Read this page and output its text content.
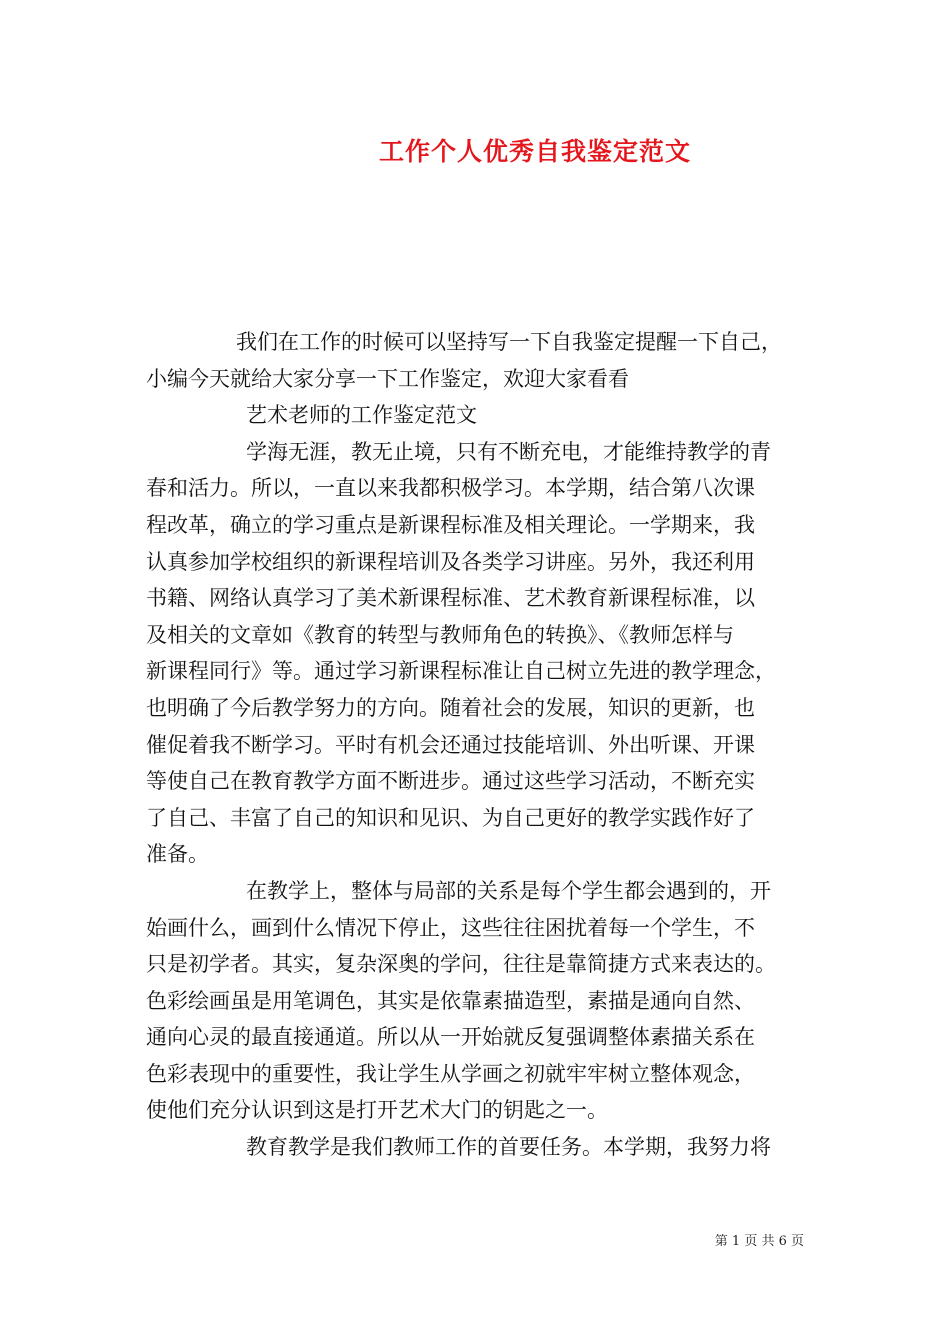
工作个人优秀自我鉴定范文
我们在工作的时候可以坚持写一下自我鉴定提醒一下自己，
小编今天就给大家分享一下工作鉴定，欢迎大家看看
艺术老师的工作鉴定范文
学海无涯，教无止境，只有不断充电，才能维持教学的青
春和活力。所以，一直以来我都积极学习。本学期，结合第八次课
程改革，确立的学习重点是新课程标准及相关理论。一学期来，我
认真参加学校组织的新课程培训及各类学习讲座。另外，我还利用
书籍、网络认真学习了美术新课程标准、艺术教育新课程标准，以
及相关的文章如《教育的转型与教师角色的转换》、《教师怎样与
新课程同行》等。通过学习新课程标准让自己树立先进的教学理念，
也明确了今后教学努力的方向。随着社会的发展，知识的更新，也
催促着我不断学习。平时有机会还通过技能培训、外出听课、开课
等使自己在教育教学方面不断进步。通过这些学习活动，不断充实
了自己、丰富了自己的知识和见识、为自己更好的教学实践作好了
准备。
在教学上，整体与局部的关系是每个学生都会遇到的，开
始画什么，画到什么情况下停止，这些往往困扰着每一个学生，不
只是初学者。其实，复杂深奥的学问，往往是靠简捷方式来表达的。
色彩绘画虽是用笔调色，其实是依靠素描造型，素描是通向自然、
通向心灵的最直接通道。所以从一开始就反复强调整体素描关系在
色彩表现中的重要性，我让学生从学画之初就牢牢树立整体观念，
使他们充分认识到这是打开艺术大门的钥匙之一。
教育教学是我们教师工作的首要任务。本学期，我努力将
第 1 页 共 6 页
